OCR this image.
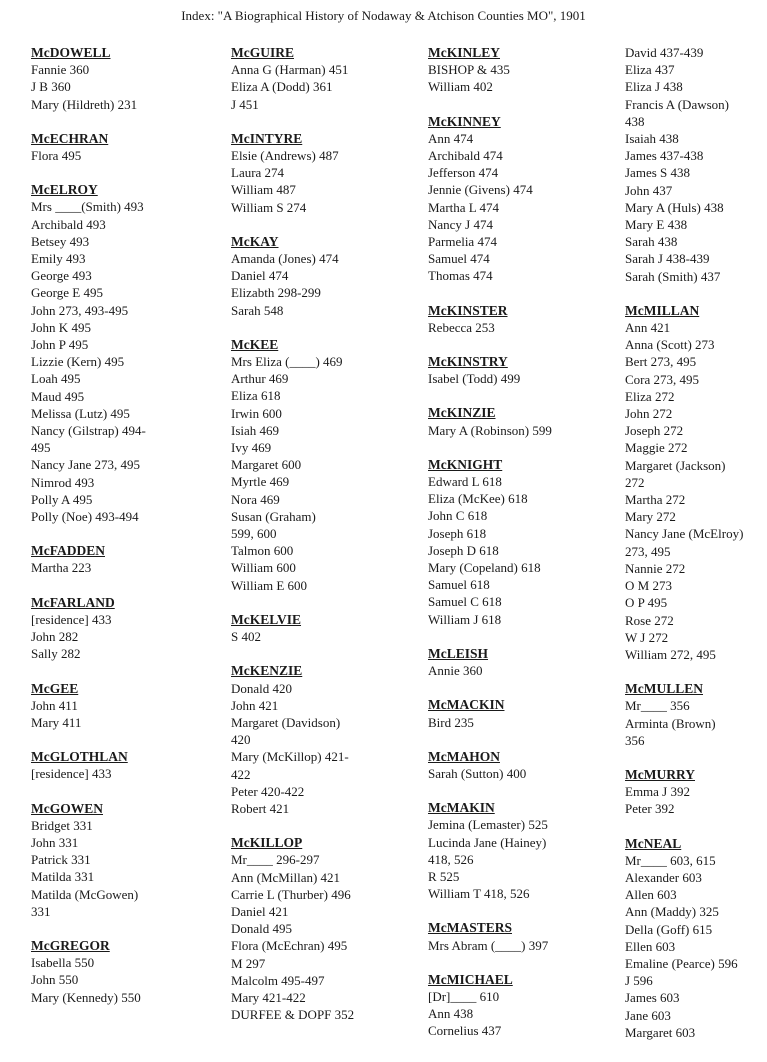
Index: "A Biographical History of Nodaway & Atchison Counties MO", 1901
McDOWELL
Fannie 360
J B 360
Mary (Hildreth) 231
McECHRAN
Flora 495
McELROY
Mrs ____(Smith) 493
Archibald 493
Betsey 493
Emily 493
George 493
George E 495
John 273, 493-495
John K 495
John P 495
Lizzie (Kern) 495
Loah 495
Maud 495
Melissa (Lutz) 495
Nancy (Gilstrap) 494-
495
Nancy Jane 273, 495
Nimrod 493
Polly A 495
Polly (Noe) 493-494
McFADDEN
Martha 223
McFARLAND
[residence] 433
John 282
Sally 282
McGEE
John 411
Mary 411
McGLOTHLAN
[residence] 433
McGOWEN
Bridget 331
John 331
Patrick 331
Matilda 331
Matilda (McGowen)
331
McGREGOR
Isabella 550
John 550
Mary (Kennedy) 550
McGUIRE
Anna G (Harman) 451
Eliza A (Dodd) 361
J 451
McINTYRE
Elsie (Andrews) 487
Laura 274
William 487
William S 274
McKAY
Amanda (Jones) 474
Daniel 474
Elizabth 298-299
Sarah 548
McKEE
Mrs Eliza (____) 469
Arthur 469
Eliza 618
Irwin 600
Isiah 469
Ivy 469
Margaret 600
Myrtle 469
Nora 469
Susan (Graham)
599, 600
Talmon 600
William 600
William E 600
McKELVIE
S 402
McKENZIE
Donald 420
John 421
Margaret (Davidson)
420
Mary (McKillop) 421-
422
Peter 420-422
Robert 421
McKILLOP
Mr____ 296-297
Ann (McMillan) 421
Carrie L (Thurber) 496
Daniel 421
Donald 495
Flora (McEchran) 495
M 297
Malcolm 495-497
Mary 421-422
DURFEE & DOPF 352
McKINLEY
BISHOP & 435
William 402
McKINNEY
Ann 474
Archibald 474
Jefferson 474
Jennie (Givens) 474
Martha L 474
Nancy J 474
Parmelia 474
Samuel 474
Thomas 474
McKINSTER
Rebecca 253
McKINSTRY
Isabel (Todd) 499
McKINZIE
Mary A (Robinson) 599
McKNIGHT
Edward L 618
Eliza (McKee) 618
John C 618
Joseph 618
Joseph D 618
Mary (Copeland) 618
Samuel 618
Samuel C 618
William J 618
McLEISH
Annie 360
McMACKIN
Bird 235
McMAHON
Sarah (Sutton) 400
McMAKIN
Jemina (Lemaster) 525
Lucinda Jane (Hainey)
418, 526
R 525
William T 418, 526
McMASTERS
Mrs Abram (____) 397
McMICHAEL
[Dr]____ 610
Ann 438
Cornelius 437
David 437-439
Eliza 437
Eliza J 438
Francis A (Dawson)
438
Isaiah 438
James 437-438
James S 438
John 437
Mary A (Huls) 438
Mary E 438
Sarah 438
Sarah J 438-439
Sarah (Smith) 437
McMILLAN
Ann 421
Anna (Scott) 273
Bert 273, 495
Cora 273, 495
Eliza 272
John 272
Joseph 272
Maggie 272
Margaret (Jackson)
272
Martha 272
Mary 272
Nancy Jane (McElroy)
273, 495
Nannie 272
O M 273
O P 495
Rose 272
W J 272
William 272, 495
McMULLEN
Mr____ 356
Arminta (Brown)
356
McMURRY
Emma J 392
Peter 392
McNEAL
Mr____ 603, 615
Alexander 603
Allen 603
Ann (Maddy) 325
Della (Goff) 615
Ellen 603
Emaline (Pearce) 596
J 596
James 603
Jane 603
Margaret 603
